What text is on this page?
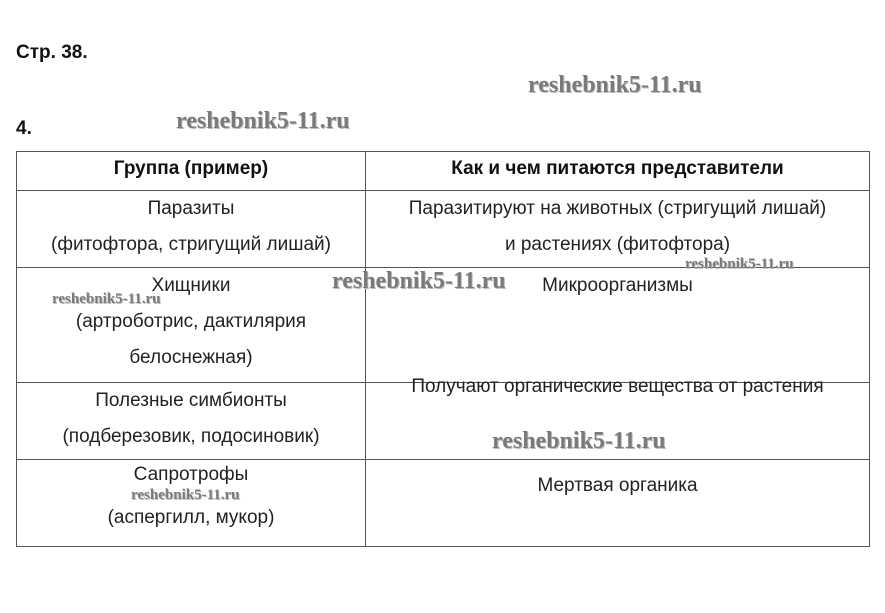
Стр. 38.
4.
Группа (пример)	Как и чем питаются представители

Паразиты
(фитофтора, стригущий лишай)	Паразитируют на животных (стригущий лишай)
и растениях (фитофтора)

Хищники
(артроботрис, дактилярия
белоснежная)	Микроорганизмы

Полезные симбионты
(подберезовик, подосиновик)	Получают органические вещества от растения

Сапротрофы
(аспергилл, мукор)	Мертвая органика
reshebnik5-11.ru
reshebnik5-11.ru
reshebnik5-11.ru
reshebnik5-11.ru
reshebnik5-11.ru
reshebnik5-11.ru
reshebnik5-11.ru
